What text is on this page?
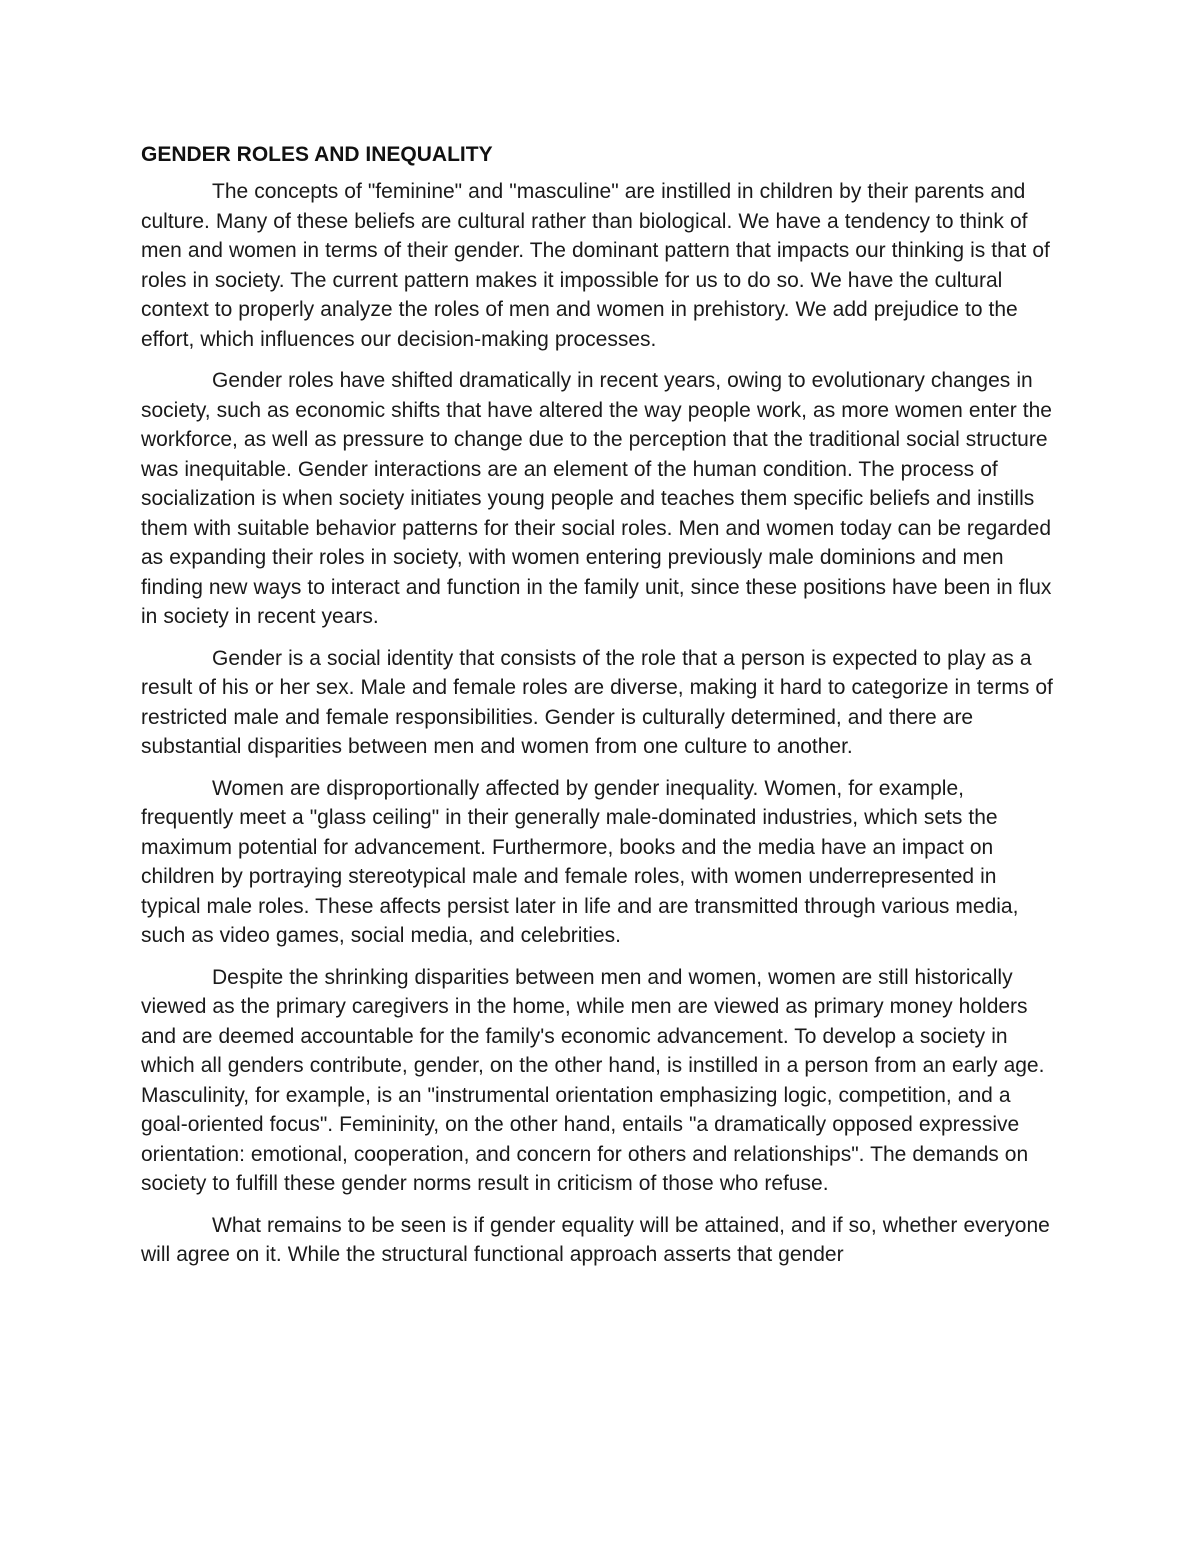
GENDER ROLES AND INEQUALITY

The concepts of "feminine" and "masculine" are instilled in children by their parents and culture. Many of these beliefs are cultural rather than biological. We have a tendency to think of men and women in terms of their gender. The dominant pattern that impacts our thinking is that of roles in society. The current pattern makes it impossible for us to do so. We have the cultural context to properly analyze the roles of men and women in prehistory. We add prejudice to the effort, which influences our decision-making processes.

Gender roles have shifted dramatically in recent years, owing to evolutionary changes in society, such as economic shifts that have altered the way people work, as more women enter the workforce, as well as pressure to change due to the perception that the traditional social structure was inequitable. Gender interactions are an element of the human condition. The process of socialization is when society initiates young people and teaches them specific beliefs and instills them with suitable behavior patterns for their social roles. Men and women today can be regarded as expanding their roles in society, with women entering previously male dominions and men finding new ways to interact and function in the family unit, since these positions have been in flux in society in recent years.

Gender is a social identity that consists of the role that a person is expected to play as a result of his or her sex. Male and female roles are diverse, making it hard to categorize in terms of restricted male and female responsibilities. Gender is culturally determined, and there are substantial disparities between men and women from one culture to another.

Women are disproportionally affected by gender inequality. Women, for example, frequently meet a "glass ceiling" in their generally male-dominated industries, which sets the maximum potential for advancement. Furthermore, books and the media have an impact on children by portraying stereotypical male and female roles, with women underrepresented in typical male roles. These affects persist later in life and are transmitted through various media, such as video games, social media, and celebrities.

Despite the shrinking disparities between men and women, women are still historically viewed as the primary caregivers in the home, while men are viewed as primary money holders and are deemed accountable for the family's economic advancement. To develop a society in which all genders contribute, gender, on the other hand, is instilled in a person from an early age. Masculinity, for example, is an "instrumental orientation emphasizing logic, competition, and a goal-oriented focus". Femininity, on the other hand, entails "a dramatically opposed expressive orientation: emotional, cooperation, and concern for others and relationships". The demands on society to fulfill these gender norms result in criticism of those who refuse.

What remains to be seen is if gender equality will be attained, and if so, whether everyone will agree on it. While the structural functional approach asserts that gender
